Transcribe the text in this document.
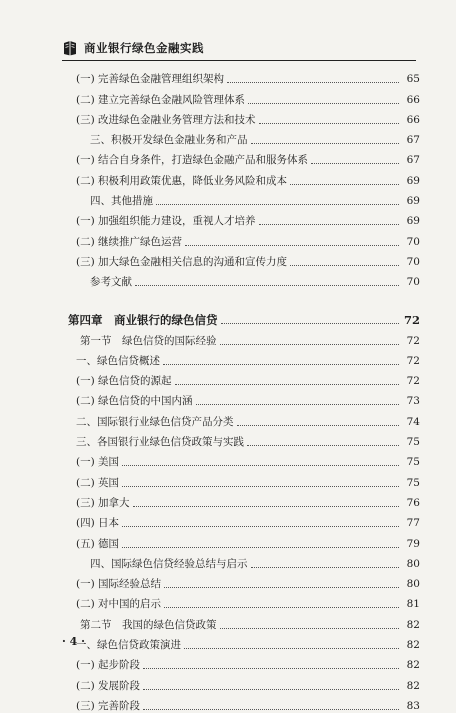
商业银行绿色金融实践
(一) 完善绿色金融管理组织架构	65
(二) 建立完善绿色金融风险管理体系	66
(三) 改进绿色金融业务管理方法和技术	66
三、积极开发绿色金融业务和产品	67
(一) 结合自身条件，打造绿色金融产品和服务体系	67
(二) 积极利用政策优惠，降低业务风险和成本	69
四、其他措施	69
(一) 加强组织能力建设，重视人才培养	69
(二) 继续推广绿色运营	70
(三) 加大绿色金融相关信息的沟通和宣传力度	70
参考文献	70
第四章　商业银行的绿色信贷	72
第一节　绿色信贷的国际经验	72
一、绿色信贷概述	72
(一) 绿色信贷的源起	72
(二) 绿色信贷的中国内涵	73
二、国际银行业绿色信贷产品分类	74
三、各国银行业绿色信贷政策与实践	75
(一) 美国	75
(二) 英国	75
(三) 加拿大	76
(四) 日本	77
(五) 德国	79
四、国际绿色信贷经验总结与启示	80
(一) 国际经验总结	80
(二) 对中国的启示	81
第二节　我国的绿色信贷政策	82
一、绿色信贷政策演进	82
(一) 起步阶段	82
(二) 发展阶段	82
(三) 完善阶段	83
· 4 ·
